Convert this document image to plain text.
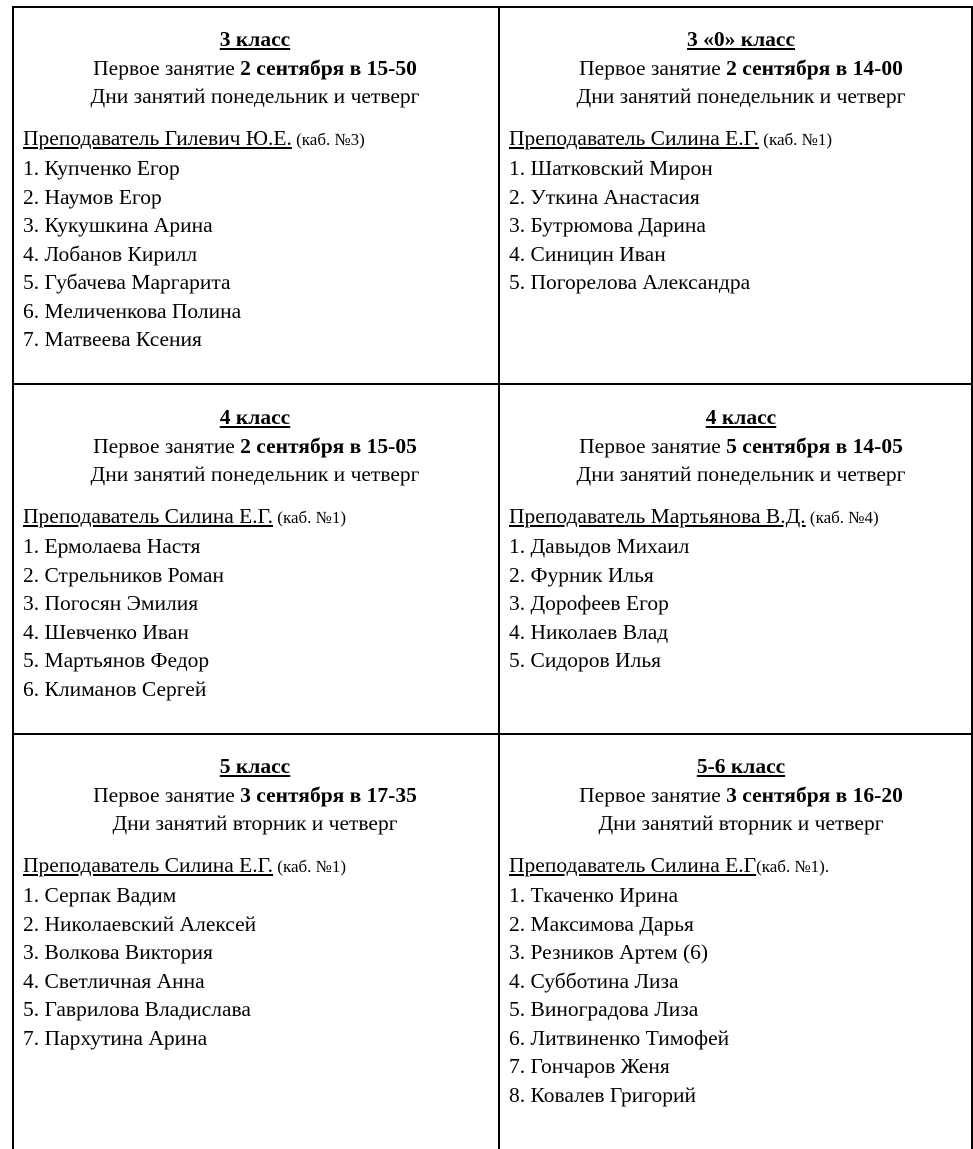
3 класс
Первое занятие 2 сентября в 15-50
Дни занятий понедельник и четверг
Преподаватель Гилевич Ю.Е. (каб. №3)
1. Купченко Егор
2. Наумов Егор
3. Кукушкина Арина
4. Лобанов Кирилл
5. Губачева Маргарита
6. Меличенкова Полина
7. Матвеева Ксения
3 «0» класс
Первое занятие 2 сентября в 14-00
Дни занятий понедельник и четверг
Преподаватель Силина Е.Г. (каб. №1)
1. Шатковский Мирон
2. Уткина Анастасия
3. Бутрюмова Дарина
4. Синицин Иван
5. Погорелова Александра
4 класс
Первое занятие 2 сентября в 15-05
Дни занятий понедельник и четверг
Преподаватель Силина Е.Г. (каб. №1)
1. Ермолаева Настя
2. Стрельников Роман
3. Погосян Эмилия
4. Шевченко Иван
5. Мартьянов Федор
6. Климанов Сергей
4 класс
Первое занятие 5 сентября в 14-05
Дни занятий понедельник и четверг
Преподаватель Мартьянова В.Д. (каб. №4)
1. Давыдов Михаил
2. Фурник Илья
3. Дорофеев Егор
4. Николаев Влад
5. Сидоров Илья
5 класс
Первое занятие 3 сентября в 17-35
Дни занятий вторник и четверг
Преподаватель Силина Е.Г. (каб. №1)
1. Серпак Вадим
2. Николаевский Алексей
3. Волкова Виктория
4. Светличная Анна
5. Гаврилова Владислава
7. Пархутина Арина
5-6 класс
Первое занятие 3 сентября в 16-20
Дни занятий вторник и четверг
Преподаватель Силина Е.Г(каб. №1).
1. Ткаченко Ирина
2. Максимова Дарья
3. Резников Артем (6)
4. Субботина Лиза
5. Виноградова Лиза
6. Литвиненко Тимофей
7. Гончаров Женя
8. Ковалев Григорий
